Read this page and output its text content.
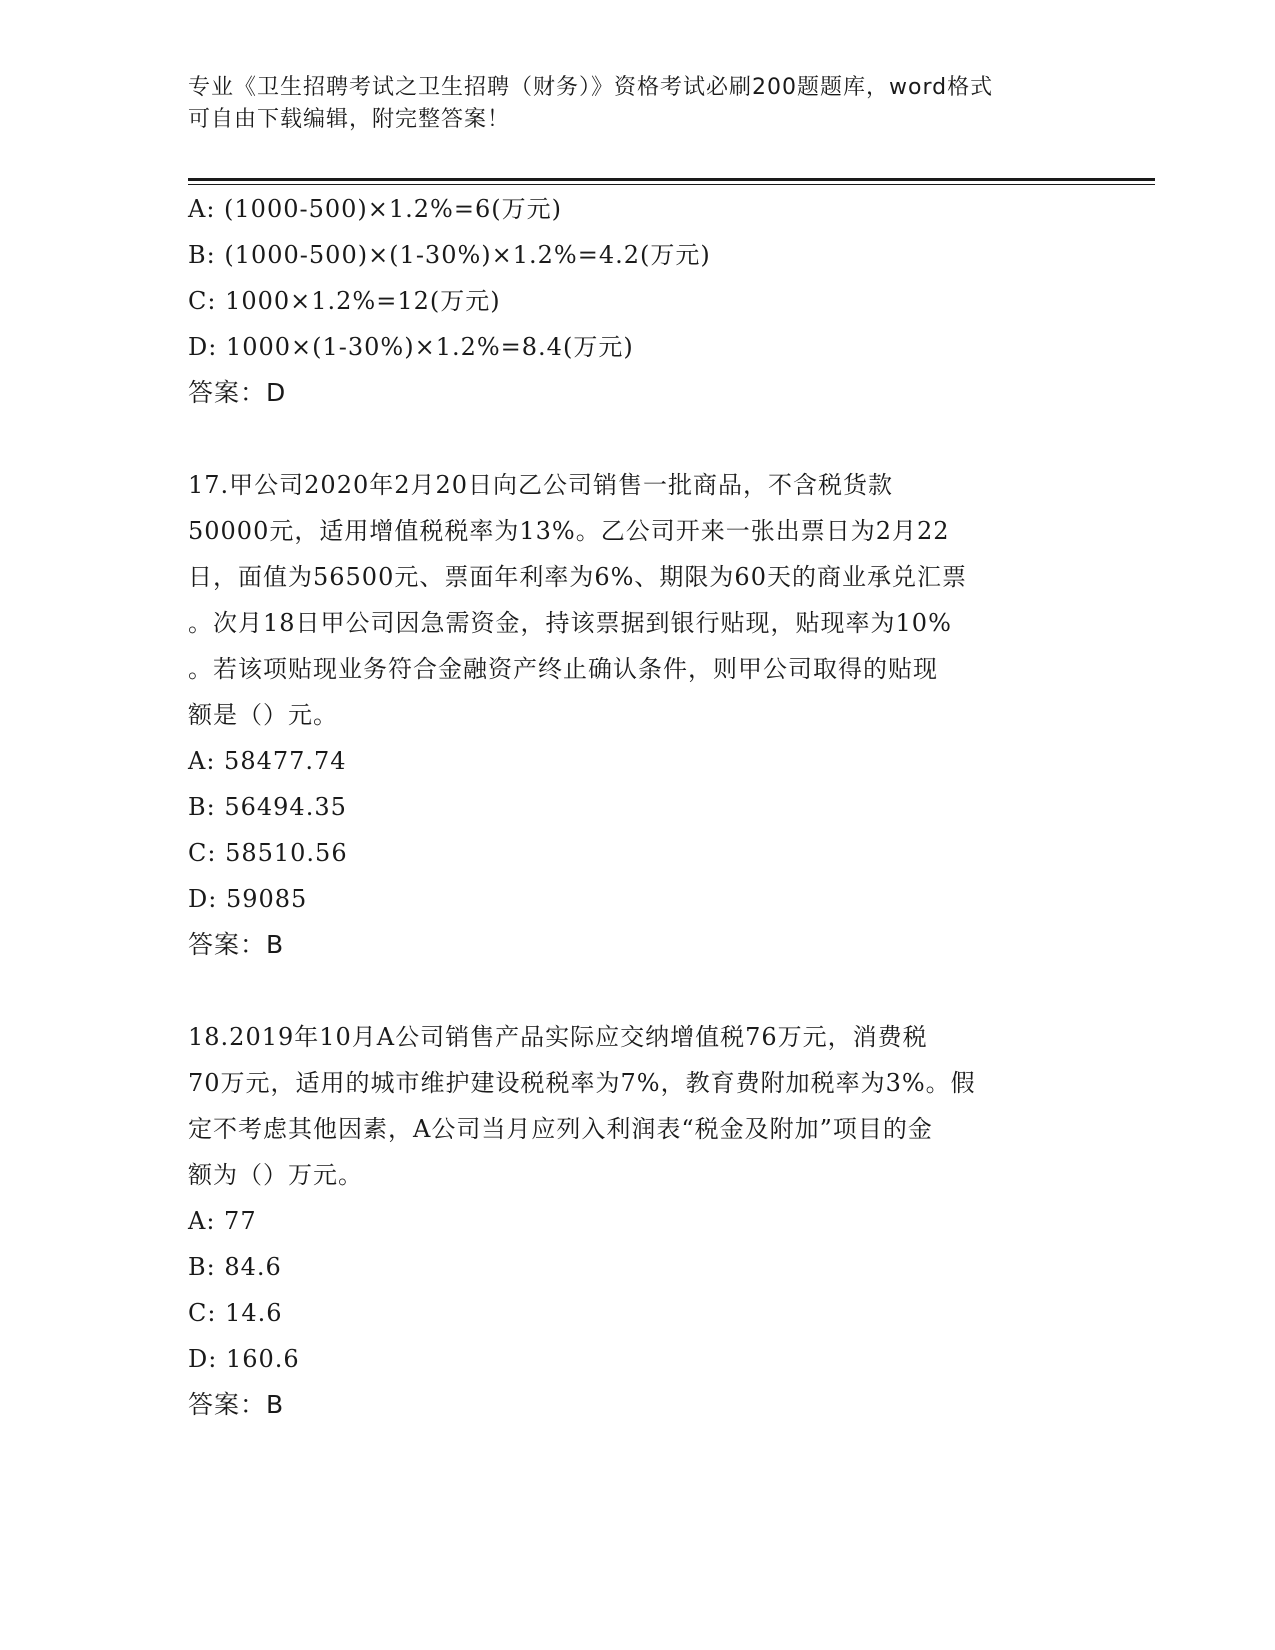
专业《卫生招聘考试之卫生招聘（财务）》资格考试必刷200题题库，word格式
可自由下载编辑，附完整答案！
A: (1000-500)×1.2%=6(万元)
B: (1000-500)×(1-30%)×1.2%=4.2(万元)
C: 1000×1.2%=12(万元)
D: 1000×(1-30%)×1.2%=8.4(万元)
答案：D
17.甲公司2020年2月20日向乙公司销售一批商品，不含税货款
50000元，适用增值税税率为13%。乙公司开来一张出票日为2月22
日，面值为56500元、票面年利率为6%、期限为60天的商业承兑汇票
。次月18日甲公司因急需资金，持该票据到银行贴现，贴现率为10%
。若该项贴现业务符合金融资产终止确认条件，则甲公司取得的贴现
额是（）元。
A: 58477.74
B: 56494.35
C: 58510.56
D: 59085
答案：B
18.2019年10月A公司销售产品实际应交纳增值税76万元，消费税
70万元，适用的城市维护建设税税率为7%，教育费附加税率为3%。假
定不考虑其他因素，A公司当月应列入利润表“税金及附加”项目的金
额为（）万元。
A: 77
B: 84.6
C: 14.6
D: 160.6
答案：B
